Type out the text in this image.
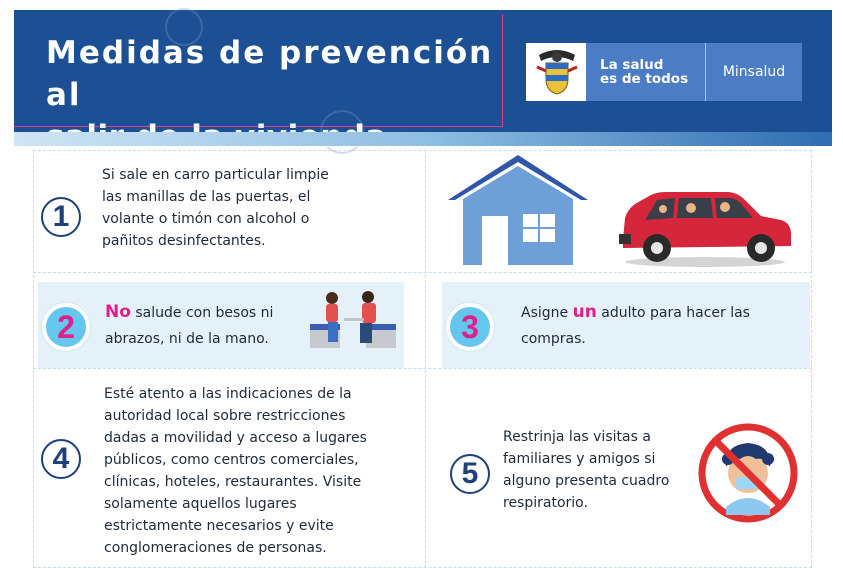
Medidas de prevención al
La salud
es de todos	Minsalud
1
Si sale en carro particular limpie
las manillas de las puertas, el
volante o timón con alcohol o
pañitos desinfectantes.
2	No salude con besos ni
abrazos, ni de la mano.	3	Asigne un adulto para hacer las
compras.
4
Esté atento a las indicaciones de la
autoridad local sobre restricciones
dadas a movilidad y acceso a lugares
públicos, como centros comerciales,
clínicas, hoteles, restaurantes. Visite
solamente aquellos lugares
estrictamente necesarios y evite
conglomeraciones de personas.
5
Restrinja las visitas a
familiares y amigos si
alguno presenta cuadro
respiratorio.
